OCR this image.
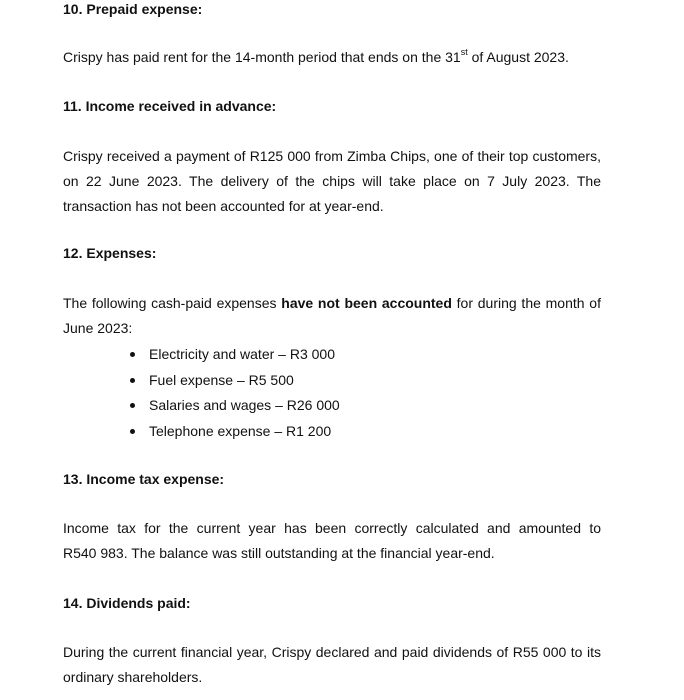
10. Prepaid expense:

Crispy has paid rent for the 14-month period that ends on the 31st of August 2023.

11. Income received in advance:

Crispy received a payment of R125 000 from Zimba Chips, one of their top customers,
on 22 June 2023. The delivery of the chips will take place on 7 July 2023. The
transaction has not been accounted for at year-end.

12. Expenses:

The following cash-paid expenses have not been accounted for during the month of
June 2023:

Electricity and water – R3 000
Fuel expense – R5 500
Salaries and wages – R26 000
Telephone expense – R1 200
13. Income tax expense:

Income tax for the current year has been correctly calculated and amounted to
R540 983. The balance was still outstanding at the financial year-end.

14. Dividends paid:

During the current financial year, Crispy declared and paid dividends of R55 000 to its
ordinary shareholders.
